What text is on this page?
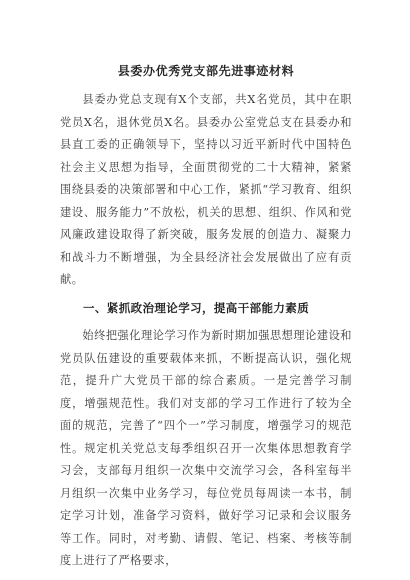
县委办优秀党支部先进事迹材料

县委办党总支现有X个支部，共X名党员，其中在职党员X名，退休党员X名。县委办公室党总支在县委办和县直工委的正确领导下，坚持以习近平新时代中国特色社会主义思想为指导，全面贯彻党的二十大精神，紧紧围绕县委的决策部署和中心工作，紧抓“学习教育、组织建设、服务能力”不放松，机关的思想、组织、作风和党风廉政建设取得了新突破，服务发展的创造力、凝聚力和战斗力不断增强，为全县经济社会发展做出了应有贡献。

一、紧抓政治理论学习，提高干部能力素质

始终把强化理论学习作为新时期加强思想理论建设和党员队伍建设的重要载体来抓，不断提高认识，强化规范，提升广大党员干部的综合素质。一是完善学习制度，增强规范性。我们对支部的学习工作进行了较为全面的规范，完善了“四个一”学习制度，增强学习的规范性。规定机关党总支每季组织召开一次集体思想教育学习会，支部每月组织一次集中交流学习会，各科室每半月组织一次集中业务学习，每位党员每周读一本书，制定学习计划，准备学习资料，做好学习记录和会议服务等工作。同时，对考勤、请假、笔记、档案、考核等制度上进行了严格要求，
